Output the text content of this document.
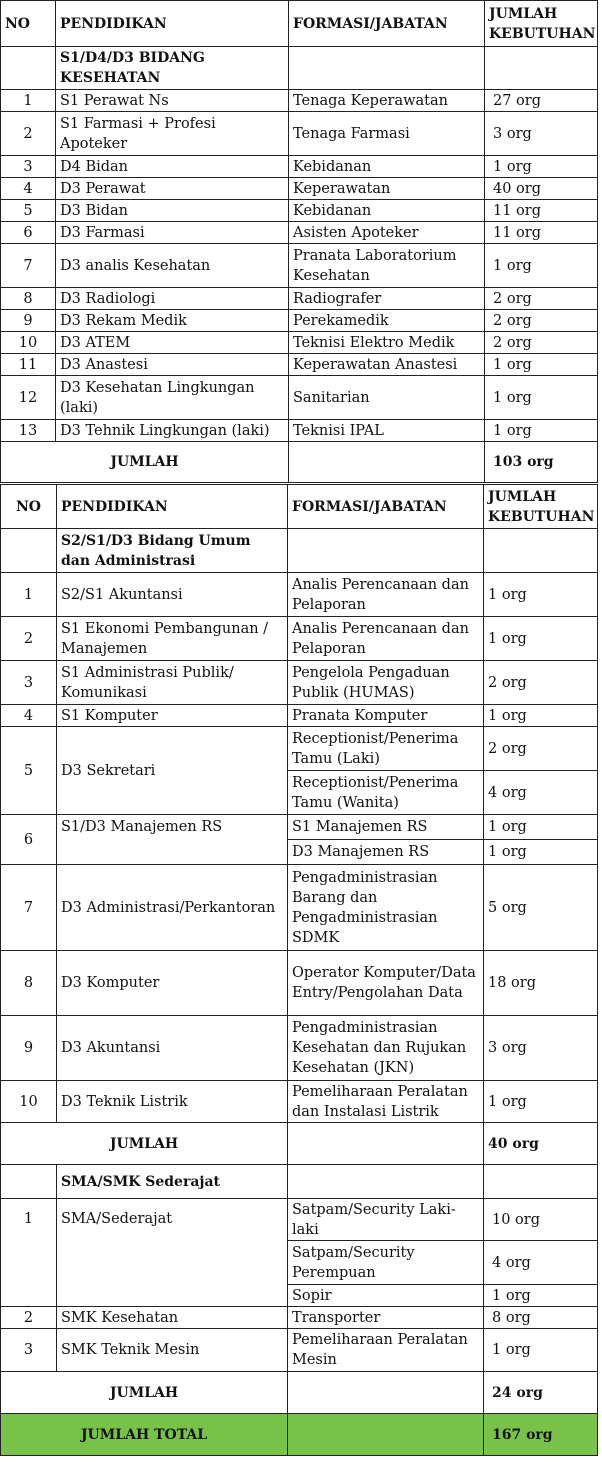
NO	PENDIDIKAN	FORMASI/JABATAN	JUMLAH
KEBUTUHAN
	S1/D4/D3 BIDANG KESEHATAN		
1	S1 Perawat Ns	Tenaga Keperawatan	27 org
2	S1 Farmasi + Profesi Apoteker	Tenaga Farmasi	3 org
3	D4 Bidan	Kebidanan	1 org
4	D3 Perawat	Keperawatan	40 org
5	D3 Bidan	Kebidanan	11 org
6	D3 Farmasi	Asisten Apoteker	11 org
7	D3 analis Kesehatan	Pranata Laboratorium Kesehatan	1 org
8	D3 Radiologi	Radiografer	2 org
9	D3 Rekam Medik	Perekamedik	2 org
10	D3 ATEM	Teknisi Elektro Medik	2 org
11	D3 Anastesi	Keperawatan Anastesi	1 org
12	D3 Kesehatan Lingkungan (laki)	Sanitarian	1 org
13	D3 Tehnik Lingkungan (laki)	Teknisi IPAL	1 org
JUMLAH			103 org
NO	PENDIDIKAN	FORMASI/JABATAN	JUMLAH
KEBUTUHAN
	S2/S1/D3 Bidang Umum dan Administrasi		
1	S2/S1 Akuntansi	Analis Perencanaan dan Pelaporan	1 org
2	S1 Ekonomi Pembangunan / Manajemen	Analis Perencanaan dan Pelaporan	1 org
3	S1 Administrasi Publik/ Komunikasi	Pengelola Pengaduan Publik (HUMAS)	2 org
4	S1 Komputer	Pranata Komputer	1 org
5	D3 Sekretari	Receptionist/Penerima Tamu (Laki)	2 org
		Receptionist/Penerima Tamu (Wanita)	4 org
6	S1/D3 Manajemen RS	S1 Manajemen RS	1 org
		D3 Manajemen RS	1 org
7	D3 Administrasi/Perkantoran	Pengadministrasian Barang dan Pengadministrasian SDMK	5 org
8	D3 Komputer	Operator Komputer/Data Entry/Pengolahan Data	18 org
9	D3 Akuntansi	Pengadministrasian Kesehatan dan Rujukan Kesehatan (JKN)	3 org
10	D3 Teknik Listrik	Pemeliharaan Peralatan dan Instalasi Listrik	1 org
JUMLAH			40 org
	SMA/SMK Sederajat		
1	SMA/Sederajat	Satpam/Security Laki-laki	10 org
		Satpam/Security Perempuan	4 org
		Sopir	1 org
2	SMK Kesehatan	Transporter	8 org
3	SMK Teknik Mesin	Pemeliharaan Peralatan Mesin	1 org
JUMLAH			24 org
JUMLAH TOTAL			167 org
